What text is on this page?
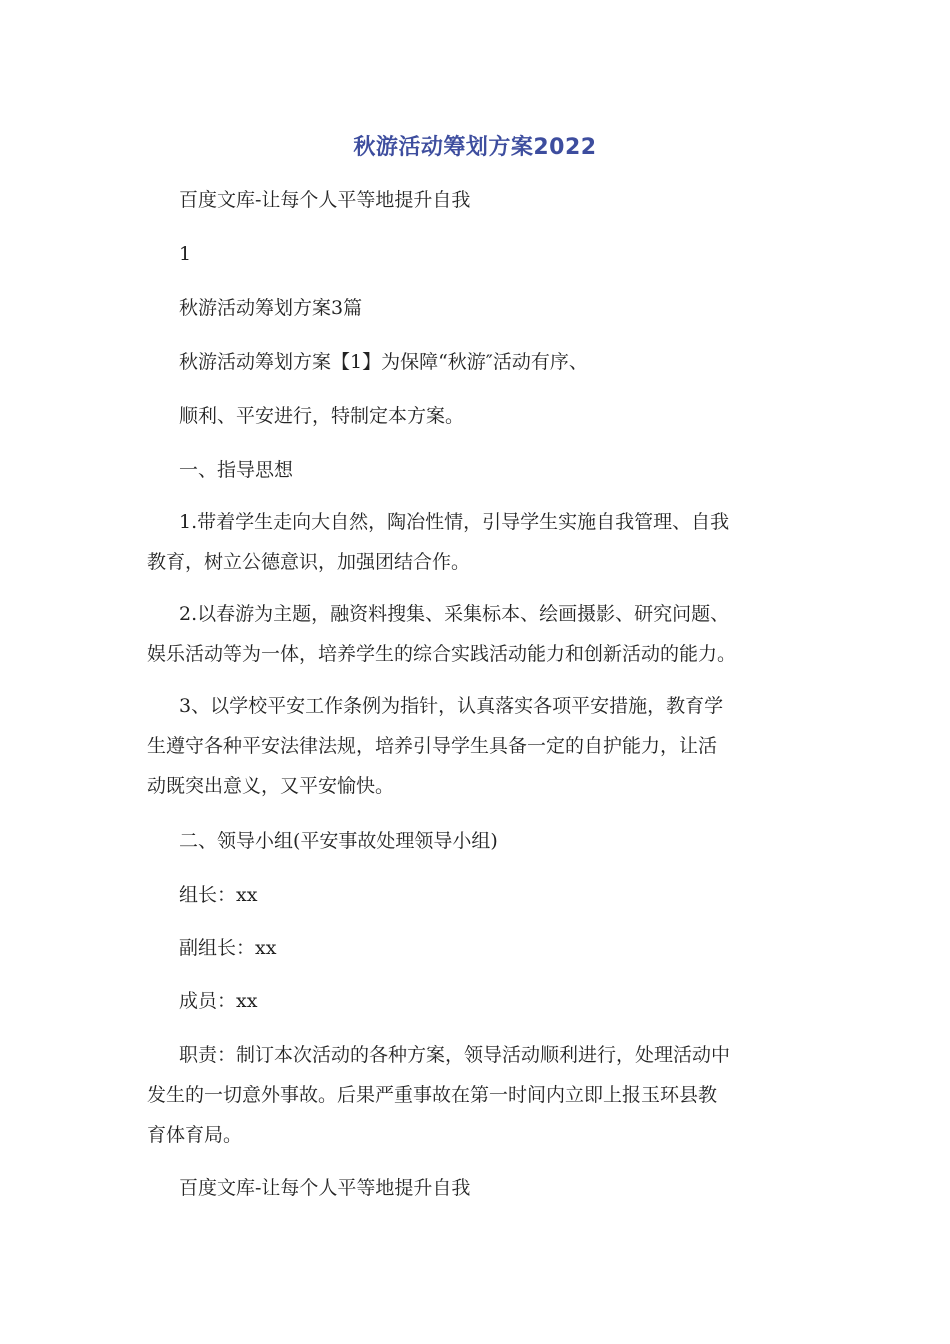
秋游活动筹划方案2022
百度文库-让每个人平等地提升自我
1
秋游活动筹划方案3篇
秋游活动筹划方案【1】为保障“秋游″活动有序、
顺利、平安进行，特制定本方案。
一、指导思想
1.带着学生走向大自然，陶冶性情，引导学生实施自我管理、自我
教育，树立公德意识，加强团结合作。
2.以春游为主题，融资料搜集、采集标本、绘画摄影、研究问题、
娱乐活动等为一体，培养学生的综合实践活动能力和创新活动的能力。
3、以学校平安工作条例为指针，认真落实各项平安措施，教育学
生遵守各种平安法律法规，培养引导学生具备一定的自护能力，让活
动既突出意义，又平安愉快。
二、领导小组(平安事故处理领导小组)
组长：xx
副组长：xx
成员：xx
职责：制订本次活动的各种方案，领导活动顺利进行，处理活动中
发生的一切意外事故。后果严重事故在第一时间内立即上报玉环县教
育体育局。
百度文库-让每个人平等地提升自我
